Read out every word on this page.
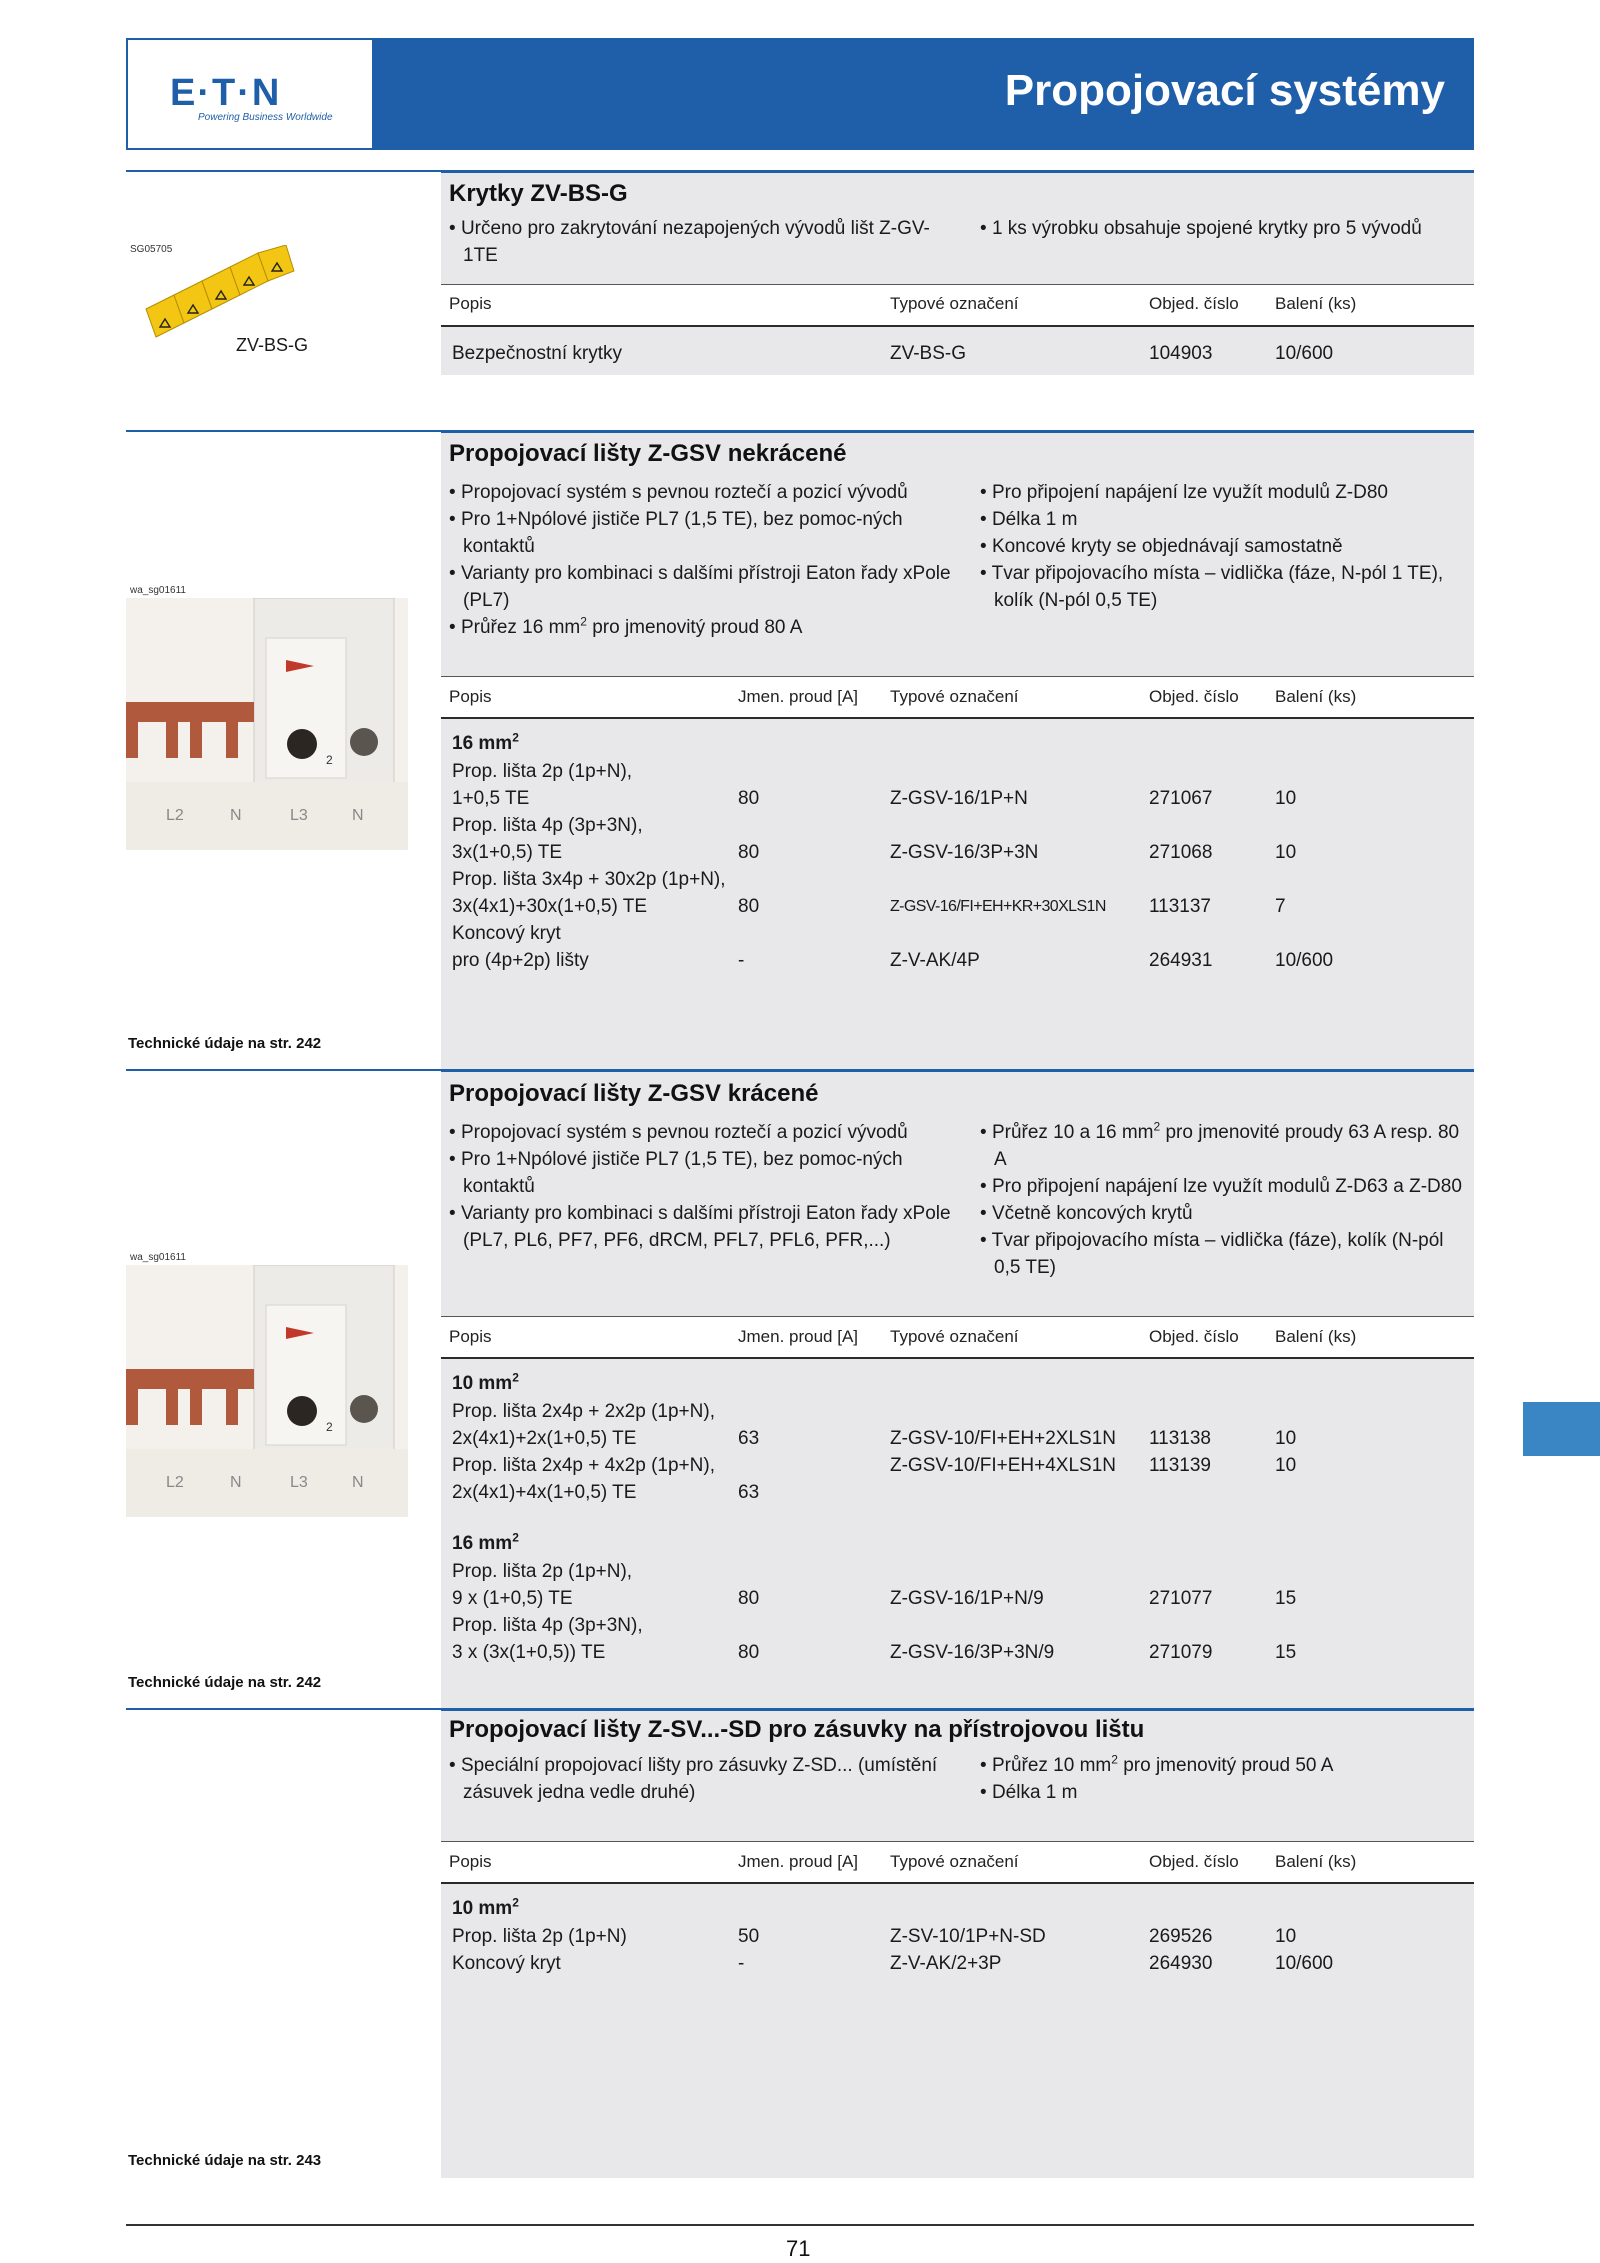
E·T·N
Powering Business Worldwide
Propojovací systémy
Krytky ZV-BS-G
SG05705
ZV-BS-G
• Určeno pro zakrytování nezapojených vývodů lišt Z-GV-1TE
• 1 ks výrobku obsahuje spojené krytky pro 5 vývodů
Popis	Typové označení	Objed. číslo Balení (ks)
Bezpečnostní krytky	ZV-BS-G	104903	10/600
Propojovací lišty Z-GSV nekrácené
wa_sg01611
2
L2	N	L3	N
Technické údaje na str. 242
• Propojovací systém s pevnou roztečí a pozicí vývodů
• Pro 1+Npólové jističe PL7 (1,5 TE), bez pomoc-ných kontaktů
• Varianty pro kombinaci s dalšími přístroji Eaton řady xPole (PL7)
• Průřez 16 $mm^2$ pro jmenovitý proud 80 A
• Pro připojení napájení lze využít modulů Z-D80
• Délka 1 m
• Koncové kryty se objednávají samostatně
• Tvar připojovacího místa – vidlička (fáze, N-pól 1 TE), kolík (N-pól 0,5 TE)
Popis	Jmen. proud [A] Typové označení	Objed. číslo Balení (ks)
16 $mm^2$
Prop. lišta 2p (1p+N),
1+0,5 TE	80	Z-GSV-16/1P+N	271067	10
Prop. lišta 4p (3p+3N),
3x(1+0,5) TE	80	Z-GSV-16/3P+3N	271068	10
Prop. lišta 3x4p + 30x2p (1p+N),
3x(4x1)+30x(1+0,5) TE	80	Z-GSV-16/FI+EH+KR+30XLS1N 113137	7
Koncový kryt
pro (4p+2p) lišty	-	Z-V-AK/4P	264931	10/600
Propojovací lišty Z-GSV krácené
wa_sg01611
2
L2	N	L3	N
Technické údaje na str. 242
• Propojovací systém s pevnou roztečí a pozicí vývodů
• Pro 1+Npólové jističe PL7 (1,5 TE), bez pomoc-ných kontaktů
• Varianty pro kombinaci s dalšími přístroji Eaton řady xPole (PL7, PL6, PF7, PF6, dRCM, PFL7, PFL6, PFR,...)
• Průřez 10 a 16 $mm^2$ pro jmenovité proudy 63 A resp. 80 A
• Pro připojení napájení lze využít modulů Z-D63 a Z-D80
• Včetně koncových krytů
• Tvar připojovacího místa – vidlička (fáze), kolík (N-pól 0,5 TE)
Popis	Jmen. proud [A] Typové označení	Objed. číslo Balení (ks)
10 $mm^2$
Prop. lišta 2x4p + 2x2p (1p+N),
2x(4x1)+2x(1+0,5) TE	63	Z-GSV-10/FI+EH+2XLS1N 113138	10
Prop. lišta 2x4p + 4x2p (1p+N),	Z-GSV-10/FI+EH+4XLS1N 113139	10
2x(4x1)+4x(1+0,5) TE	63
16 $mm^2$
Prop. lišta 2p (1p+N),
9 x (1+0,5) TE	80	Z-GSV-16/1P+N/9	271077	15
Prop. lišta 4p (3p+3N),
3 x (3x(1+0,5)) TE	80	Z-GSV-16/3P+3N/9	271079	15
Propojovací lišty Z-SV...-SD pro zásuvky na přístrojovou lištu
Technické údaje na str. 243
• Speciální propojovací lišty pro zásuvky Z-SD... (umístění zásuvek jedna vedle druhé)
• Průřez 10 $mm^2$ pro jmenovitý proud 50 A
• Délka 1 m
Popis	Jmen. proud [A] Typové označení	Objed. číslo Balení (ks)
10 $mm^2$
Prop. lišta 2p (1p+N)	50	Z-SV-10/1P+N-SD	269526	10
Koncový kryt	-	Z-V-AK/2+3P	264930	10/600
71
